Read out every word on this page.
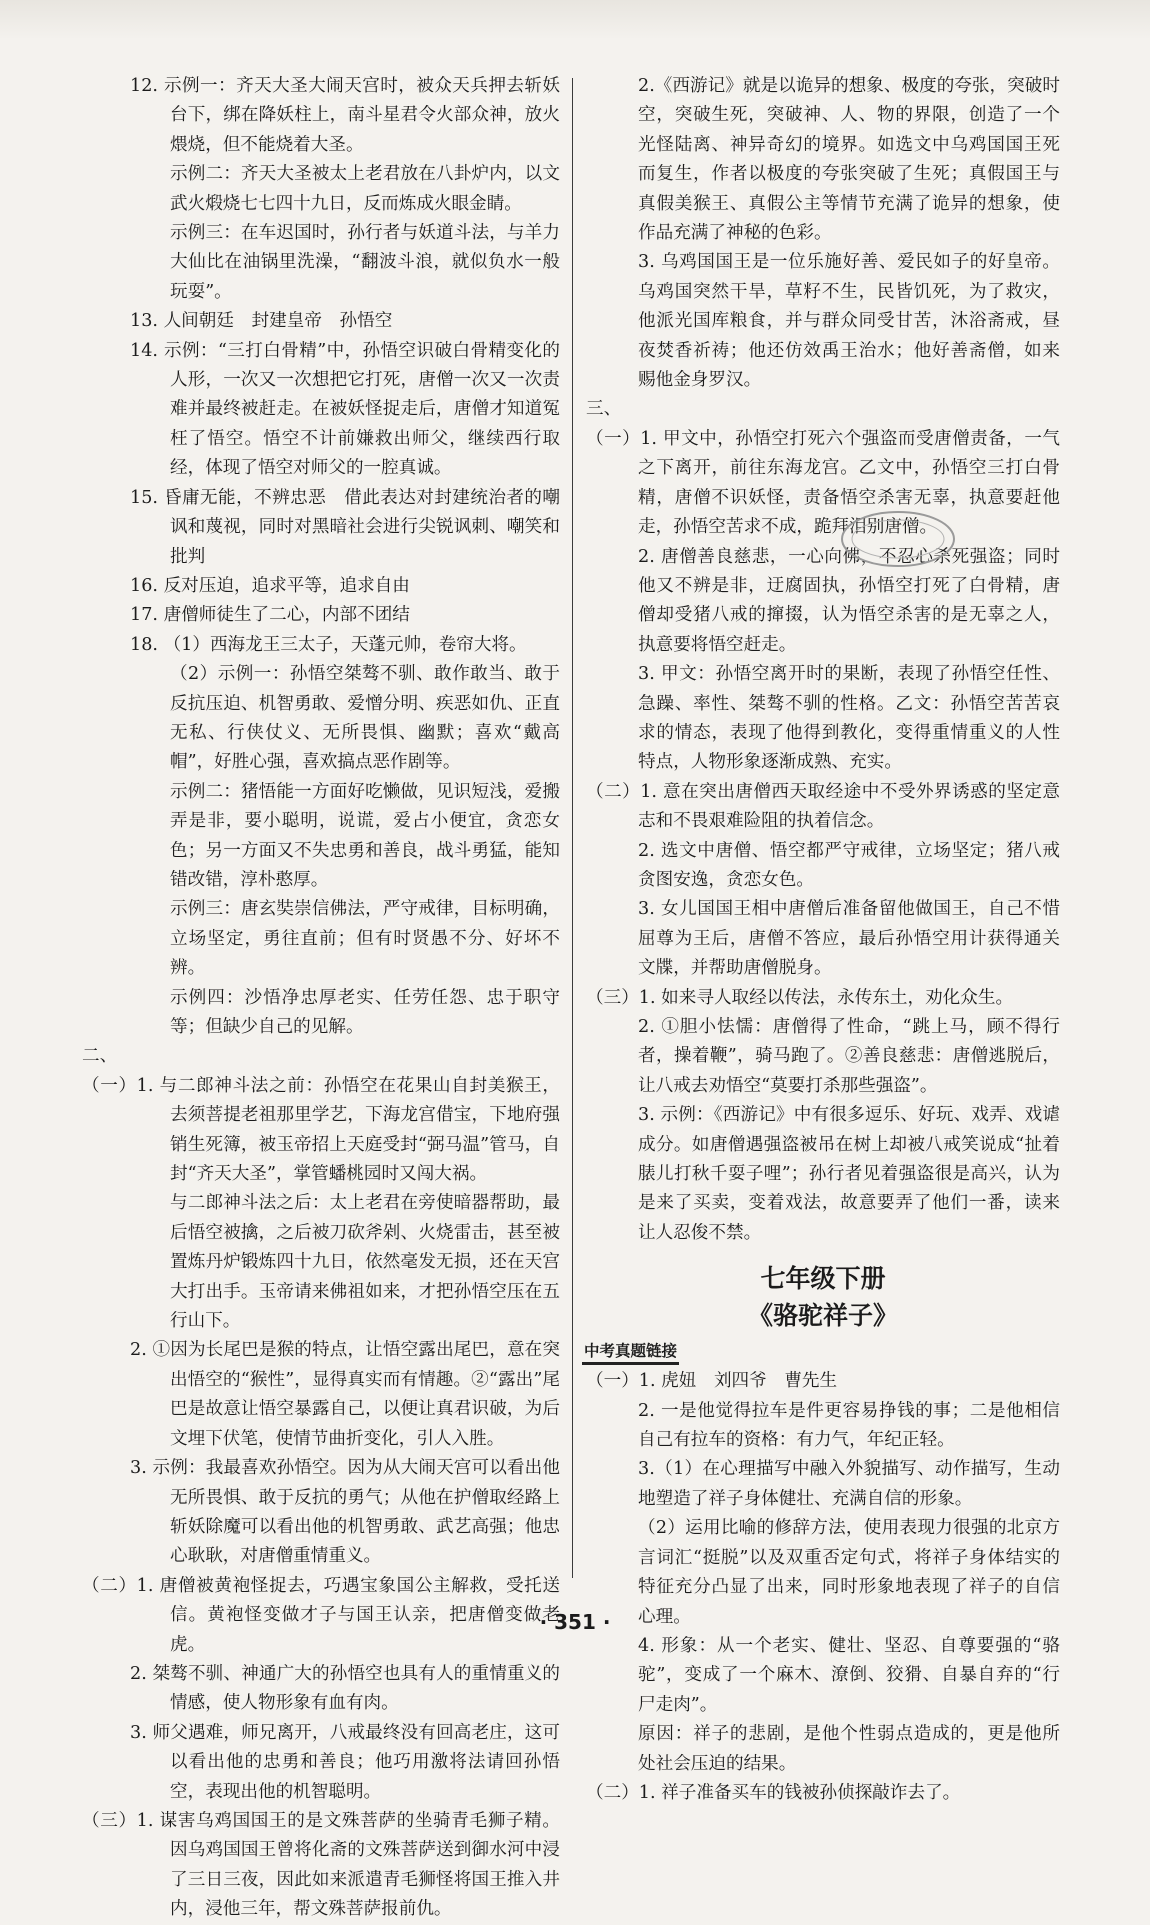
12. 示例一：齐天大圣大闹天宫时，被众天兵押去斩妖台下，绑在降妖柱上，南斗星君令火部众神，放火煨烧，但不能烧着大圣。
示例二：齐天大圣被太上老君放在八卦炉内，以文武火煅烧七七四十九日，反而炼成火眼金睛。
示例三：在车迟国时，孙行者与妖道斗法，与羊力大仙比在油锅里洗澡，“翻波斗浪，就似负水一般玩耍”。
13. 人间朝廷　封建皇帝　孙悟空
14. 示例：“三打白骨精”中，孙悟空识破白骨精变化的人形，一次又一次想把它打死，唐僧一次又一次责难并最终被赶走。在被妖怪捉走后，唐僧才知道冤枉了悟空。悟空不计前嫌救出师父，继续西行取经，体现了悟空对师父的一腔真诚。
15. 昏庸无能，不辨忠恶　借此表达对封建统治者的嘲讽和蔑视，同时对黑暗社会进行尖锐讽刺、嘲笑和批判
16. 反对压迫，追求平等，追求自由
17. 唐僧师徒生了二心，内部不团结
18. （1）西海龙王三太子，天蓬元帅，卷帘大将。
（2）示例一：孙悟空桀骜不驯、敢作敢当、敢于反抗压迫、机智勇敢、爱憎分明、疾恶如仇、正直无私、行侠仗义、无所畏惧、幽默；喜欢“戴高帽”，好胜心强，喜欢搞点恶作剧等。
示例二：猪悟能一方面好吃懒做，见识短浅，爱搬弄是非，要小聪明，说谎，爱占小便宜，贪恋女色；另一方面又不失忠勇和善良，战斗勇猛，能知错改错，淳朴憨厚。
示例三：唐玄奘崇信佛法，严守戒律，目标明确，立场坚定，勇往直前；但有时贤愚不分、好坏不辨。
示例四：沙悟净忠厚老实、任劳任怨、忠于职守等；但缺少自己的见解。
二、
（一）1. 与二郎神斗法之前：孙悟空在花果山自封美猴王，去须菩提老祖那里学艺，下海龙宫借宝，下地府强销生死簿，被玉帝招上天庭受封“弼马温”管马，自封“齐天大圣”，掌管蟠桃园时又闯大祸。
与二郎神斗法之后：太上老君在旁使暗器帮助，最后悟空被擒，之后被刀砍斧剁、火烧雷击，甚至被置炼丹炉锻炼四十九日，依然毫发无损，还在天宫大打出手。玉帝请来佛祖如来，才把孙悟空压在五行山下。
2. ①因为长尾巴是猴的特点，让悟空露出尾巴，意在突出悟空的“猴性”，显得真实而有情趣。②“露出”尾巴是故意让悟空暴露自己，以便让真君识破，为后文埋下伏笔，使情节曲折变化，引人入胜。
3. 示例：我最喜欢孙悟空。因为从大闹天宫可以看出他无所畏惧、敢于反抗的勇气；从他在护僧取经路上斩妖除魔可以看出他的机智勇敢、武艺高强；他忠心耿耿，对唐僧重情重义。
（二）1. 唐僧被黄袍怪捉去，巧遇宝象国公主解救，受托送信。黄袍怪变做才子与国王认亲，把唐僧变做老虎。
2. 桀骜不驯、神通广大的孙悟空也具有人的重情重义的情感，使人物形象有血有肉。
3. 师父遇难，师兄离开，八戒最终没有回高老庄，这可以看出他的忠勇和善良；他巧用激将法请回孙悟空，表现出他的机智聪明。
（三）1. 谋害乌鸡国国王的是文殊菩萨的坐骑青毛狮子精。因乌鸡国国王曾将化斋的文殊菩萨送到御水河中浸了三日三夜，因此如来派遣青毛狮怪将国王推入井内，浸他三年，帮文殊菩萨报前仇。
2.《西游记》就是以诡异的想象、极度的夸张，突破时空，突破生死，突破神、人、物的界限，创造了一个光怪陆离、神异奇幻的境界。如选文中乌鸡国国王死而复生，作者以极度的夸张突破了生死；真假国王与真假美猴王、真假公主等情节充满了诡异的想象，使作品充满了神秘的色彩。
3. 乌鸡国国王是一位乐施好善、爱民如子的好皇帝。乌鸡国突然干旱，草籽不生，民皆饥死，为了救灾，他派光国库粮食，并与群众同受甘苦，沐浴斋戒，昼夜焚香祈祷；他还仿效禹王治水；他好善斋僧，如来赐他金身罗汉。
三、
（一）1. 甲文中，孙悟空打死六个强盗而受唐僧责备，一气之下离开，前往东海龙宫。乙文中，孙悟空三打白骨精，唐僧不识妖怪，责备悟空杀害无辜，执意要赶他走，孙悟空苦求不成，跪拜泪别唐僧。
2. 唐僧善良慈悲，一心向佛，不忍心杀死强盗；同时他又不辨是非，迂腐固执，孙悟空打死了白骨精，唐僧却受猪八戒的撺掇，认为悟空杀害的是无辜之人，执意要将悟空赶走。
3. 甲文：孙悟空离开时的果断，表现了孙悟空任性、急躁、率性、桀骜不驯的性格。乙文：孙悟空苦苦哀求的情态，表现了他得到教化，变得重情重义的人性特点，人物形象逐渐成熟、充实。
（二）1. 意在突出唐僧西天取经途中不受外界诱惑的坚定意志和不畏艰难险阻的执着信念。
2. 选文中唐僧、悟空都严守戒律，立场坚定；猪八戒贪图安逸，贪恋女色。
3. 女儿国国王相中唐僧后准备留他做国王，自己不惜屈尊为王后，唐僧不答应，最后孙悟空用计获得通关文牒，并帮助唐僧脱身。
（三）1. 如来寻人取经以传法，永传东土，劝化众生。
2. ①胆小怯懦：唐僧得了性命，“跳上马，顾不得行者，操着鞭”，骑马跑了。②善良慈悲：唐僧逃脱后，让八戒去劝悟空“莫要打杀那些强盗”。
3. 示例：《西游记》中有很多逗乐、好玩、戏弄、戏谑成分。如唐僧遇强盗被吊在树上却被八戒笑说成“扯着脿儿打秋千耍子哩”；孙行者见着强盗很是高兴，认为是来了买卖，变着戏法，故意要弄了他们一番，读来让人忍俊不禁。
七年级下册
《骆驼祥子》
中考真题链接
（一）1. 虎妞　刘四爷　曹先生
2. 一是他觉得拉车是件更容易挣钱的事；二是他相信自己有拉车的资格：有力气，年纪正轻。
3.（1）在心理描写中融入外貌描写、动作描写，生动地塑造了祥子身体健壮、充满自信的形象。
（2）运用比喻的修辞方法，使用表现力很强的北京方言词汇“挺脱”以及双重否定句式，将祥子身体结实的特征充分凸显了出来，同时形象地表现了祥子的自信心理。
4. 形象：从一个老实、健壮、坚忍、自尊要强的“骆驼”，变成了一个麻木、潦倒、狡猾、自暴自弃的“行尸走肉”。
原因：祥子的悲剧，是他个性弱点造成的，更是他所处社会压迫的结果。
（二）1. 祥子准备买车的钱被孙侦探敲诈去了。
· 351 ·
